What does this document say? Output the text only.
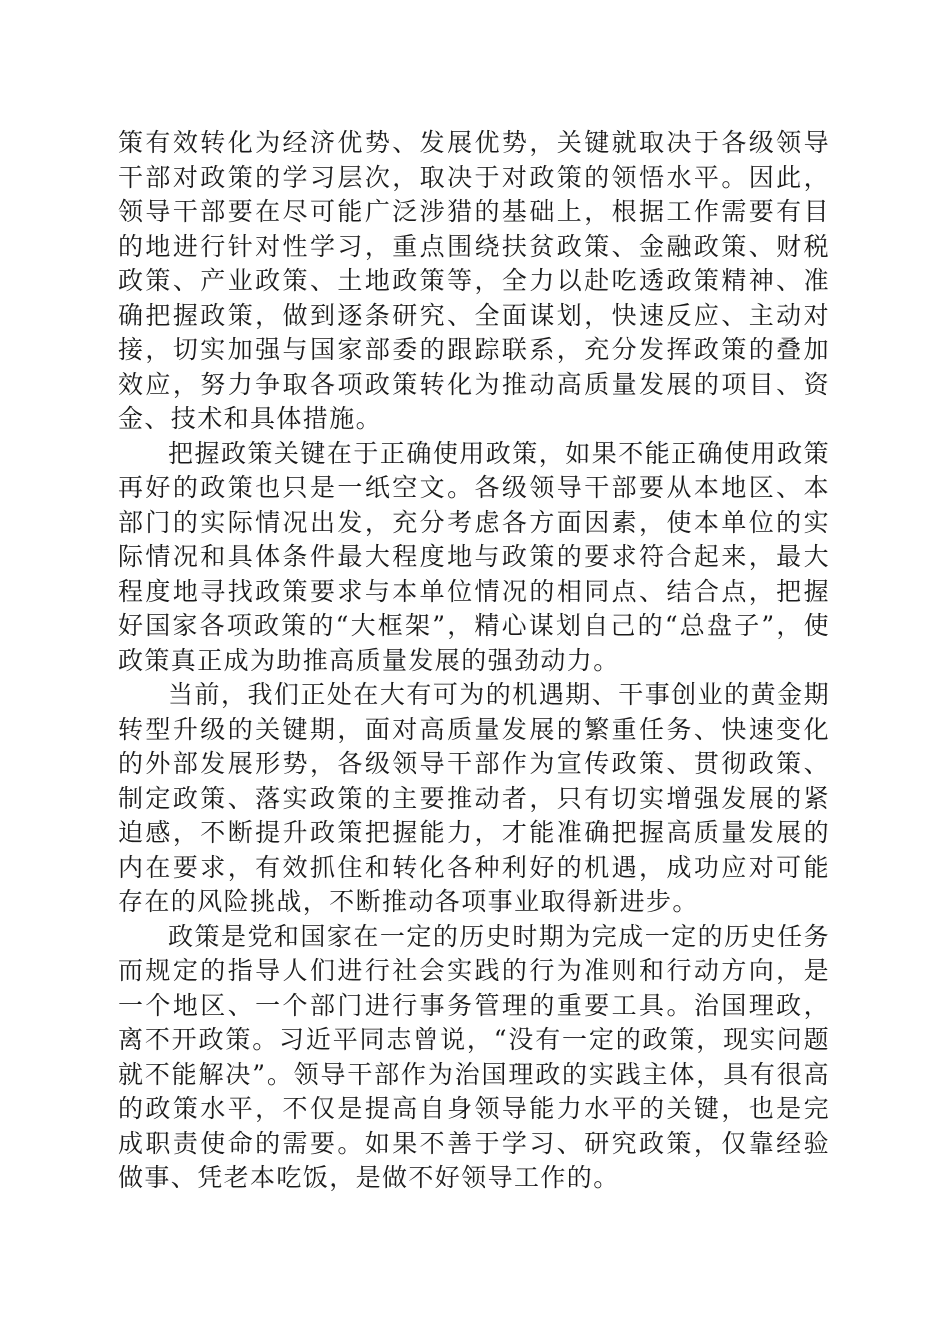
策有效转化为经济优势、发展优势，关键就取决于各级领导干部对政策的学习层次，取决于对政策的领悟水平。因此，领导干部要在尽可能广泛涉猎的基础上，根据工作需要有目的地进行针对性学习，重点围绕扶贫政策、金融政策、财税政策、产业政策、土地政策等，全力以赴吃透政策精神、准确把握政策，做到逐条研究、全面谋划，快速反应、主动对接，切实加强与国家部委的跟踪联系，充分发挥政策的叠加效应，努力争取各项政策转化为推动高质量发展的项目、资金、技术和具体措施。

把握政策关键在于正确使用政策，如果不能正确使用政策再好的政策也只是一纸空文。各级领导干部要从本地区、本部门的实际情况出发，充分考虑各方面因素，使本单位的实际情况和具体条件最大程度地与政策的要求符合起来，最大程度地寻找政策要求与本单位情况的相同点、结合点，把握好国家各项政策的“大框架”，精心谋划自己的“总盘子”，使政策真正成为助推高质量发展的强劲动力。

当前，我们正处在大有可为的机遇期、干事创业的黄金期转型升级的关键期，面对高质量发展的繁重任务、快速变化的外部发展形势，各级领导干部作为宣传政策、贯彻政策、制定政策、落实政策的主要推动者，只有切实增强发展的紧迫感，不断提升政策把握能力，才能准确把握高质量发展的内在要求，有效抓住和转化各种利好的机遇，成功应对可能存在的风险挑战，不断推动各项事业取得新进步。

政策是党和国家在一定的历史时期为完成一定的历史任务而规定的指导人们进行社会实践的行为准则和行动方向，是一个地区、一个部门进行事务管理的重要工具。治国理政，离不开政策。习近平同志曾说，“没有一定的政策，现实问题就不能解决”。领导干部作为治国理政的实践主体，具有很高的政策水平，不仅是提高自身领导能力水平的关键，也是完成职责使命的需要。如果不善于学习、研究政策，仅靠经验做事、凭老本吃饭，是做不好领导工作的。
